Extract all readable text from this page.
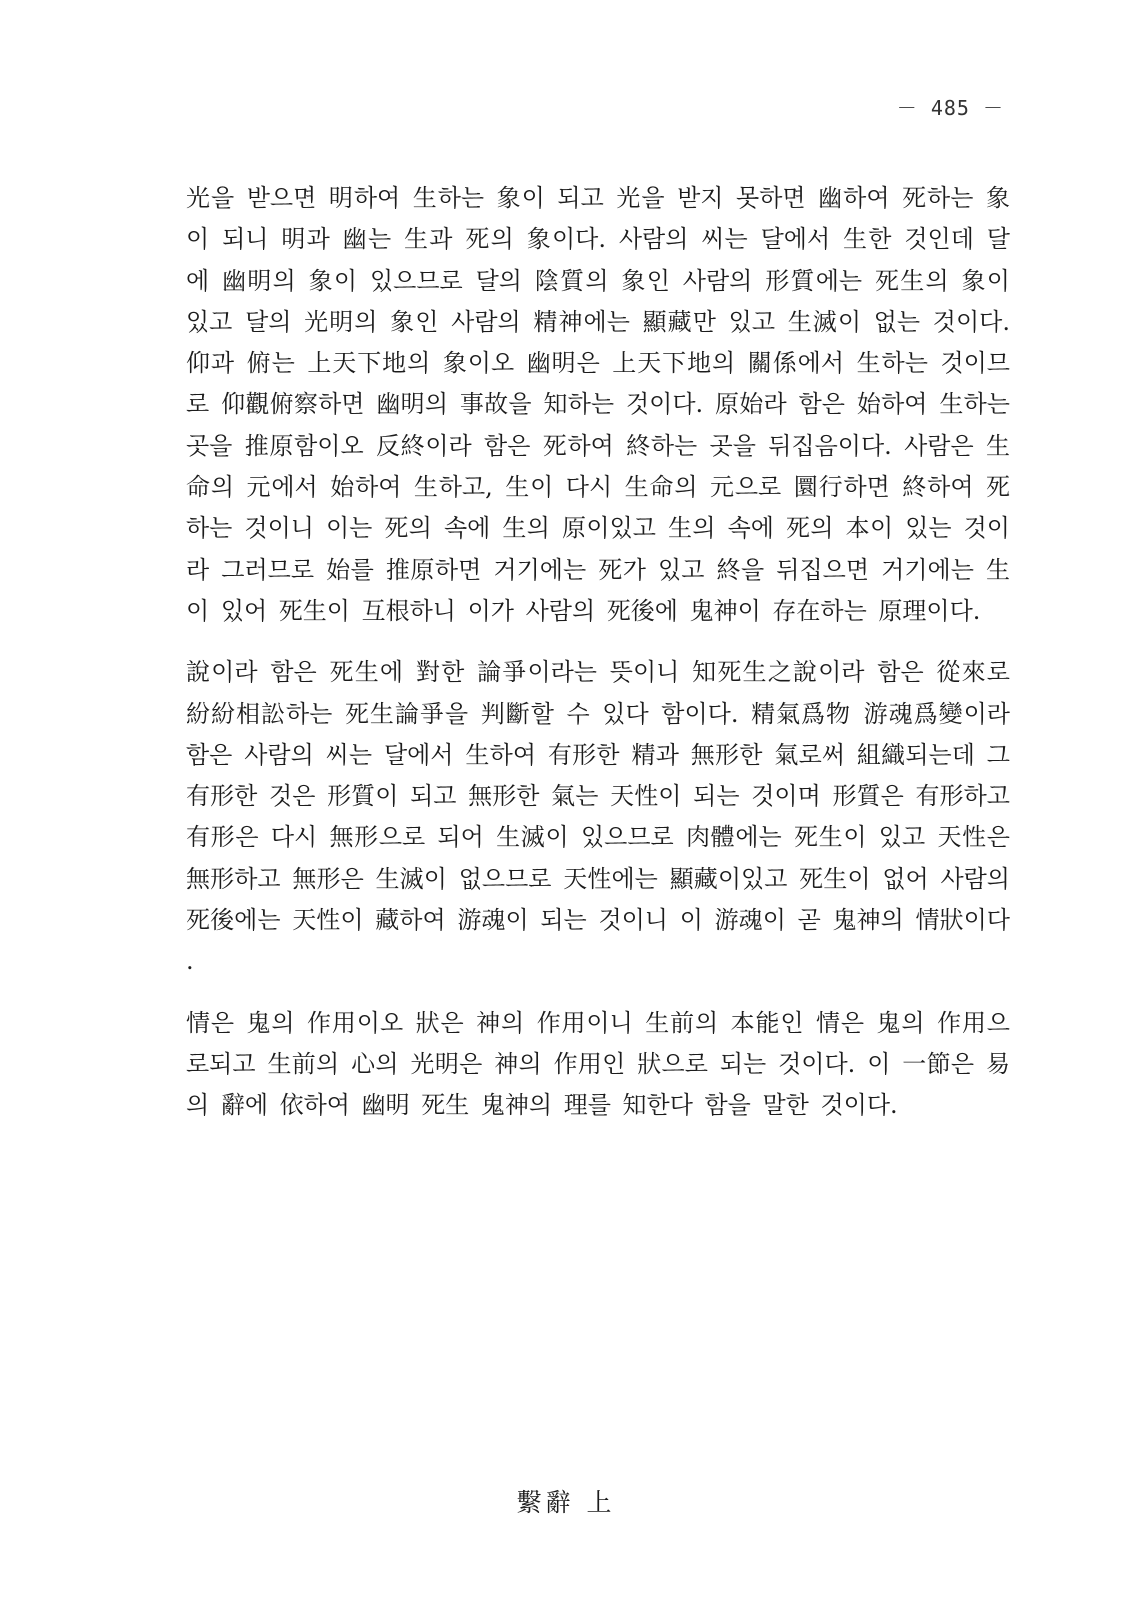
－ 485 －

光을 받으면 明하여 生하는 象이 되고 光을 받지 못하면 幽하여 死하는 象이 되니 明과 幽는 生과 死의 象이다. 사람의 씨는 달에서 生한 것인데 달에 幽明의 象이 있으므로 달의 陰質의 象인 사람의 形質에는 死生의 象이 있고 달의 光明의 象인 사람의 精神에는 顯藏만 있고 生滅이 없는 것이다. 仰과 俯는 上天下地의 象이오 幽明은 上天下地의 關係에서 生하는 것이므로 仰觀俯察하면 幽明의 事故을 知하는 것이다. 原始라 함은 始하여 生하는 곳을 推原함이오 反終이라 함은 死하여 終하는 곳을 뒤집음이다. 사람은 生命의 元에서 始하여 生하고, 生이 다시 生命의 元으로 圜行하면 終하여 死하는 것이니 이는 死의 속에 生의 原이있고 生의 속에 死의 本이 있는 것이라 그러므로 始를 推原하면 거기에는 死가 있고 終을 뒤집으면 거기에는 生이 있어 死生이 互根하니 이가 사람의 死後에 鬼神이 存在하는 原理이다.

說이라 함은 死生에 對한 論爭이라는 뜻이니 知死生之說이라 함은 從來로 紛紛相訟하는 死生論爭을 判斷할 수 있다 함이다. 精氣爲物 游魂爲變이라 함은 사람의 씨는 달에서 生하여 有形한 精과 無形한 氣로써 組織되는데 그 有形한 것은 形質이 되고 無形한 氣는 天性이 되는 것이며 形質은 有形하고 有形은 다시 無形으로 되어 生滅이 있으므로 肉體에는 死生이 있고 天性은 無形하고 無形은 生滅이 없으므로 天性에는 顯藏이있고 死生이 없어 사람의 死後에는 天性이 藏하여 游魂이 되는 것이니 이 游魂이 곧 鬼神의 情狀이다.

情은 鬼의 作用이오 狀은 神의 作用이니 生前의 本能인 情은 鬼의 作用으로되고 生前의 心의 光明은 神의 作用인 狀으로 되는 것이다. 이 一節은 易의 辭에 依하여 幽明 死生 鬼神의 理를 知한다 함을 말한 것이다.

繫辭 上
